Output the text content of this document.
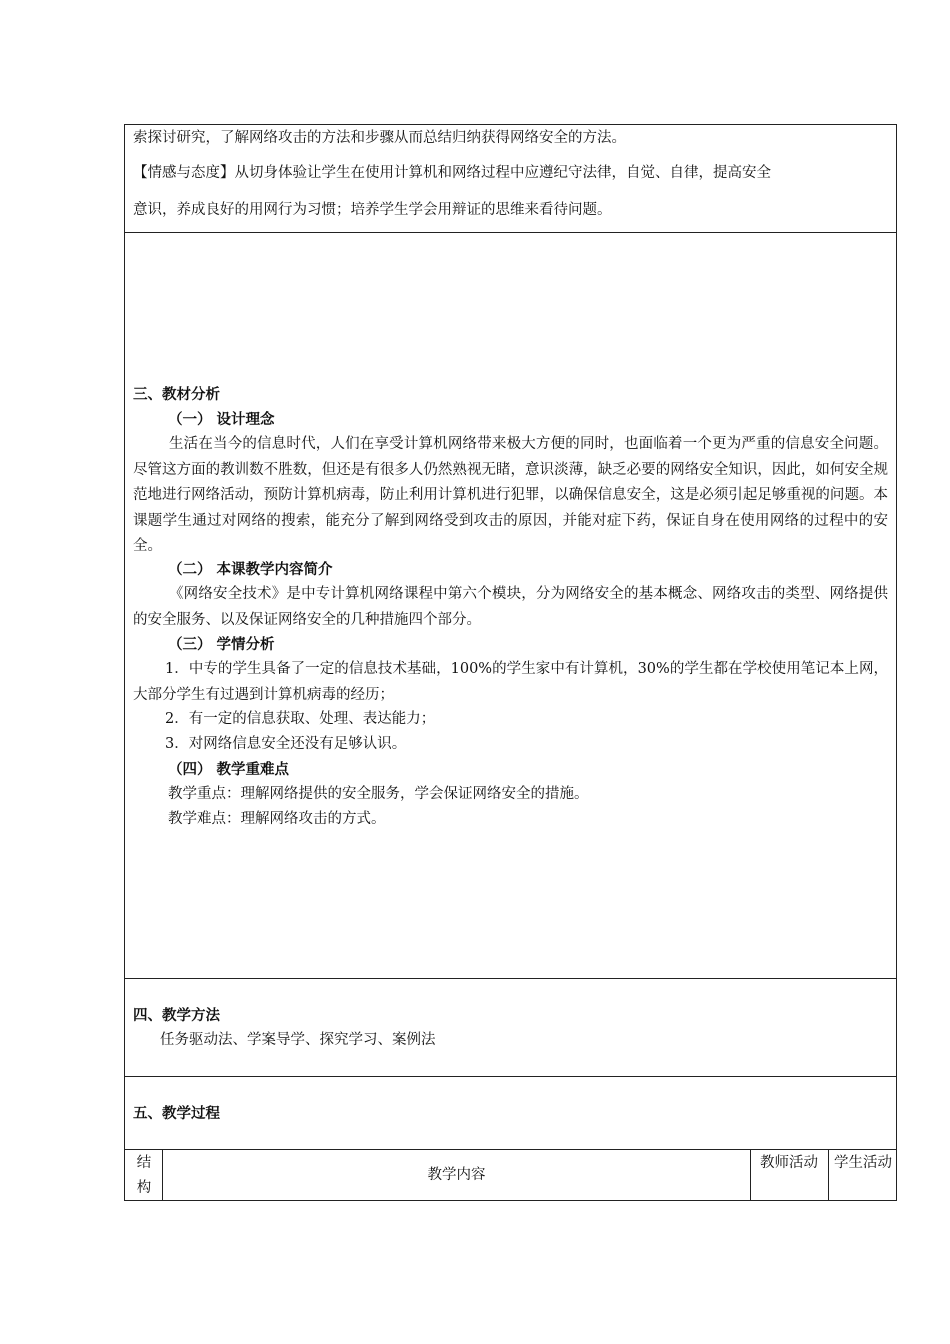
索探讨研究，了解网络攻击的方法和步骤从而总结归纳获得网络安全的方法。
【情感与态度】从切身体验让学生在使用计算机和网络过程中应遵纪守法律，自觉、自律，提高安全
意识，养成良好的用网行为习惯；培养学生学会用辩证的思维来看待问题。
三、教材分析
（一） 设计理念
生活在当今的信息时代，人们在享受计算机网络带来极大方便的同时，也面临着一个更为严重的信息安全问题。尽管这方面的教训数不胜数，但还是有很多人仍然熟视无睹，意识淡薄，缺乏必要的网络安全知识，因此，如何安全规范地进行网络活动，预防计算机病毒，防止利用计算机进行犯罪，以确保信息安全，这是必须引起足够重视的问题。本课题学生通过对网络的搜索，能充分了解到网络受到攻击的原因，并能对症下药，保证自身在使用网络的过程中的安全。
（二） 本课教学内容简介
《网络安全技术》是中专计算机网络课程中第六个模块，分为网络安全的基本概念、网络攻击的类型、网络提供的安全服务、以及保证网络安全的几种措施四个部分。
（三） 学情分析
1．中专的学生具备了一定的信息技术基础，100%的学生家中有计算机，30%的学生都在学校使用笔记本上网，大部分学生有过遇到计算机病毒的经历；
2．有一定的信息获取、处理、表达能力；
3．对网络信息安全还没有足够认识。
（四） 教学重难点
教学重点：理解网络提供的安全服务，学会保证网络安全的措施。
教学难点：理解网络攻击的方式。
四、教学方法
任务驱动法、学案导学、探究学习、案例法
五、教学过程
结构
教学内容
教师活动 学生活动
